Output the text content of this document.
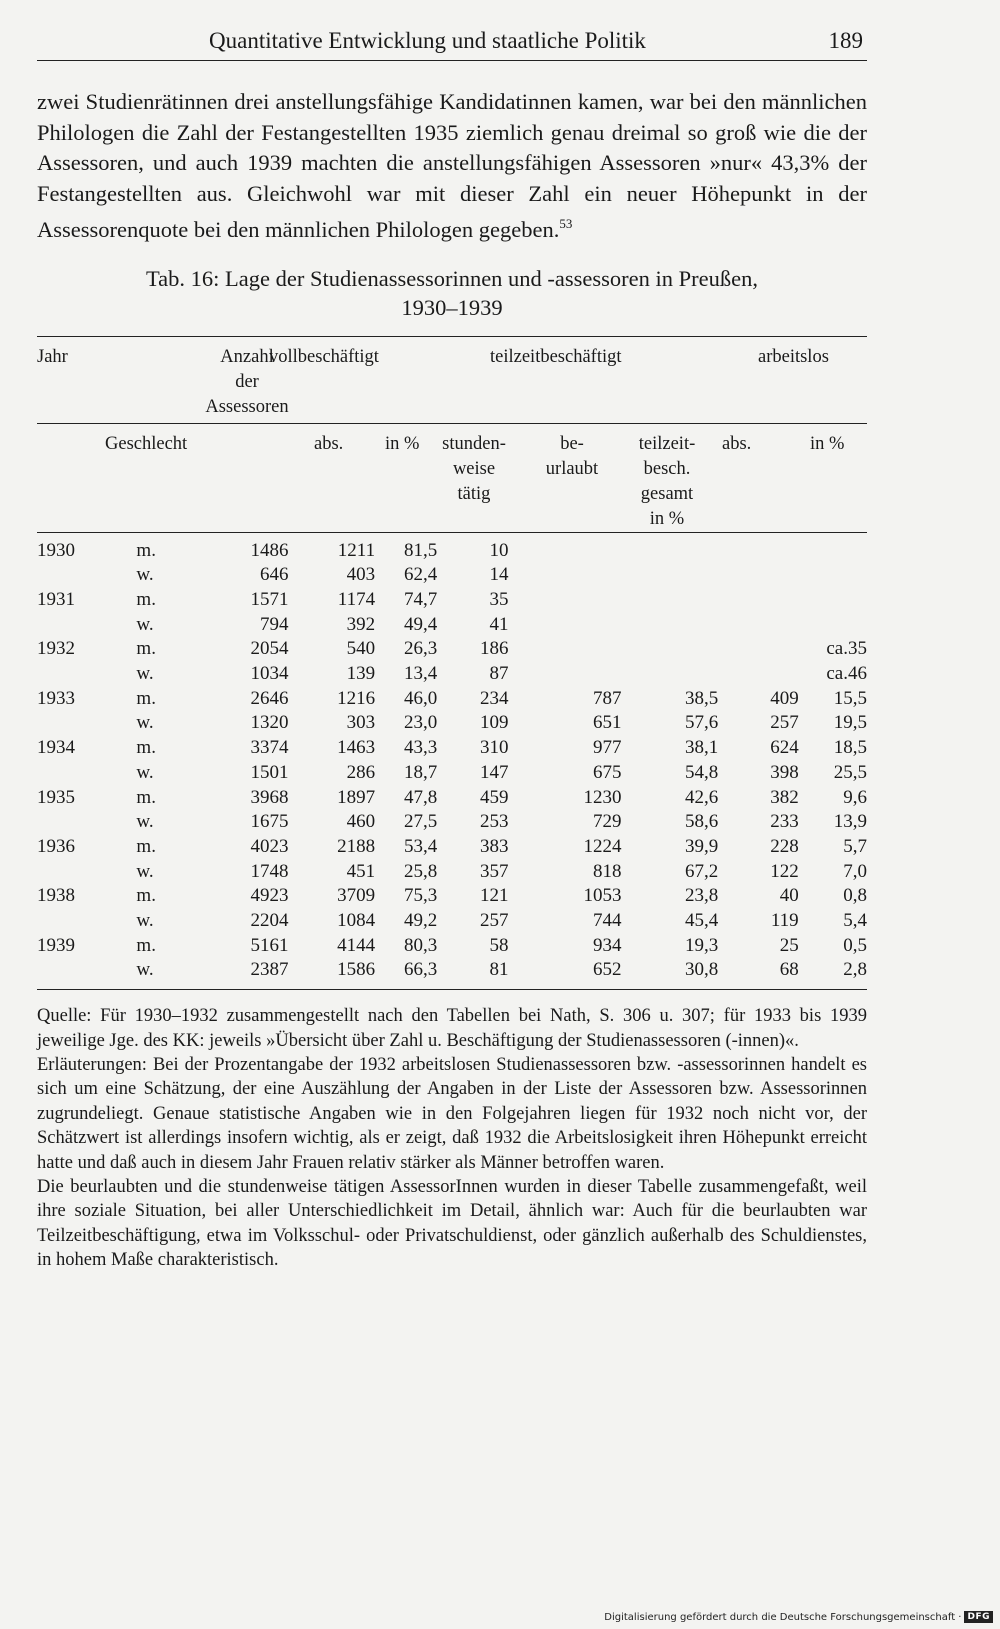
Quantitative Entwicklung und staatliche Politik	189
zwei Studienrätinnen drei anstellungsfähige Kandidatinnen kamen, war bei den männlichen Philologen die Zahl der Festangestellten 1935 ziemlich genau dreimal so groß wie die der Assessoren, und auch 1939 machten die anstellungsfähigen Assessoren »nur« 43,3% der Festangestellten aus. Gleichwohl war mit dieser Zahl ein neuer Höhepunkt in der Assessorenquote bei den männlichen Philologen gegeben.$^{53}$
Tab. 16: Lage der Studienassessorinnen und -assessoren in Preußen,
1930–1939
Jahr	Anzahl
der
Assessoren
vollbeschäftigt	teilzeitbeschäftigt	arbeitslos
Geschlecht	abs. in %	stunden-
weise
tätig
be-
urlaubt
teilzeit-
besch.
gesamt
in %
abs.	in %
1930	m.	1486	1211	81,5	10				
	w.	646	403	62,4	14				
1931	m.	1571	1174	74,7	35				
	w.	794	392	49,4	41				
1932	m.	2054	540	26,3	186				ca.35
	w.	1034	139	13,4	87				ca.46
1933	m.	2646	1216	46,0	234	787	38,5	409	15,5
	w.	1320	303	23,0	109	651	57,6	257	19,5
1934	m.	3374	1463	43,3	310	977	38,1	624	18,5
	w.	1501	286	18,7	147	675	54,8	398	25,5
1935	m.	3968	1897	47,8	459	1230	42,6	382	9,6
	w.	1675	460	27,5	253	729	58,6	233	13,9
1936	m.	4023	2188	53,4	383	1224	39,9	228	5,7
	w.	1748	451	25,8	357	818	67,2	122	7,0
1938	m.	4923	3709	75,3	121	1053	23,8	40	0,8
	w.	2204	1084	49,2	257	744	45,4	119	5,4
1939	m.	5161	4144	80,3	58	934	19,3	25	0,5
	w.	2387	1586	66,3	81	652	30,8	68	2,8

Quelle: Für 1930–1932 zusammengestellt nach den Tabellen bei Nath, S. 306 u. 307; für 1933 bis 1939 jeweilige Jge. des KK: jeweils »Übersicht über Zahl u. Beschäftigung der Studienassessoren (-innen)«.

Erläuterungen: Bei der Prozentangabe der 1932 arbeitslosen Studienassessoren bzw. -assessorinnen handelt es sich um eine Schätzung, der eine Auszählung der Angaben in der Liste der Assessoren bzw. Assessorinnen zugrundeliegt. Genaue statistische Angaben wie in den Folgejahren liegen für 1932 noch nicht vor, der Schätzwert ist allerdings insofern wichtig, als er zeigt, daß 1932 die Arbeitslosigkeit ihren Höhepunkt erreicht hatte und daß auch in diesem Jahr Frauen relativ stärker als Männer betroffen waren.

Die beurlaubten und die stundenweise tätigen AssessorInnen wurden in dieser Tabelle zusammengefaßt, weil ihre soziale Situation, bei aller Unterschiedlichkeit im Detail, ähnlich war: Auch für die beurlaubten war Teilzeitbeschäftigung, etwa im Volksschul- oder Privatschuldienst, oder gänzlich außerhalb des Schuldienstes, in hohem Maße charakteristisch.

Digitalisierung gefördert durch die Deutsche Forschungsgemeinschaft · DFG
